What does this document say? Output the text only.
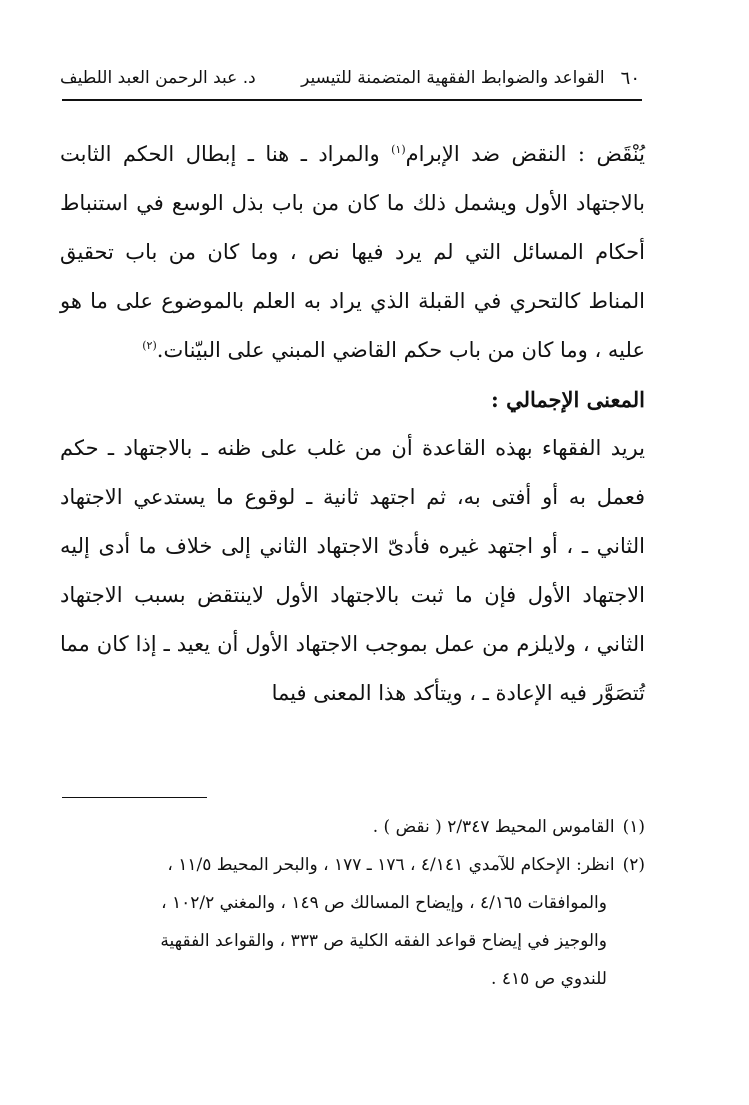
٦٠
القواعد والضوابط الفقهية المتضمنة للتيسير
د. عبد الرحمن العبد اللطيف

يُنْقَض : النقض ضد الإبرام$^{(١)}$ والمراد ـ هنا ـ إبطال الحكم الثابت بالاجتهاد الأول ويشمل ذلك ما كان من باب بذل الوسع في استنباط أحكام المسائل التي لم يرد فيها نص ، وما كان من باب تحقيق المناط كالتحري في القبلة الذي يراد به العلم بالموضوع على ما هو عليه ، وما كان من باب حكم القاضي المبني على البيّنات.$^{(٢)}$

المعنى الإجمالي :

يريد الفقهاء بهذه القاعدة أن من غلب على ظنه ـ بالاجتهاد ـ حكم فعمل به أو أفتى به، ثم اجتهد ثانية ـ لوقوع ما يستدعي الاجتهاد الثاني ـ ، أو اجتهد غيره فأدىّ الاجتهاد الثاني إلى خلاف ما أدى إليه الاجتهاد الأول فإن ما ثبت بالاجتهاد الأول لاينتقض بسبب الاجتهاد الثاني ، ولايلزم من عمل بموجب الاجتهاد الأول أن يعيد ـ إذا كان مما تُتصَوَّر فيه الإعادة ـ ، ويتأكد هذا المعنى فيما

(١)القاموس المحيط ٢/٣٤٧ ( نقض ) .

(٢)انظر: الإحكام للآمدي ٤/١٤١ ، ١٧٦ ـ ١٧٧ ، والبحر المحيط ١١/٥ ،

والموافقات ٤/١٦٥ ، وإيضاح المسالك ص ١٤٩ ، والمغني ١٠٢/٢ ،

والوجيز في إيضاح قواعد الفقه الكلية ص ٣٣٣ ، والقواعد الفقهية

للندوي ص ٤١٥ .
